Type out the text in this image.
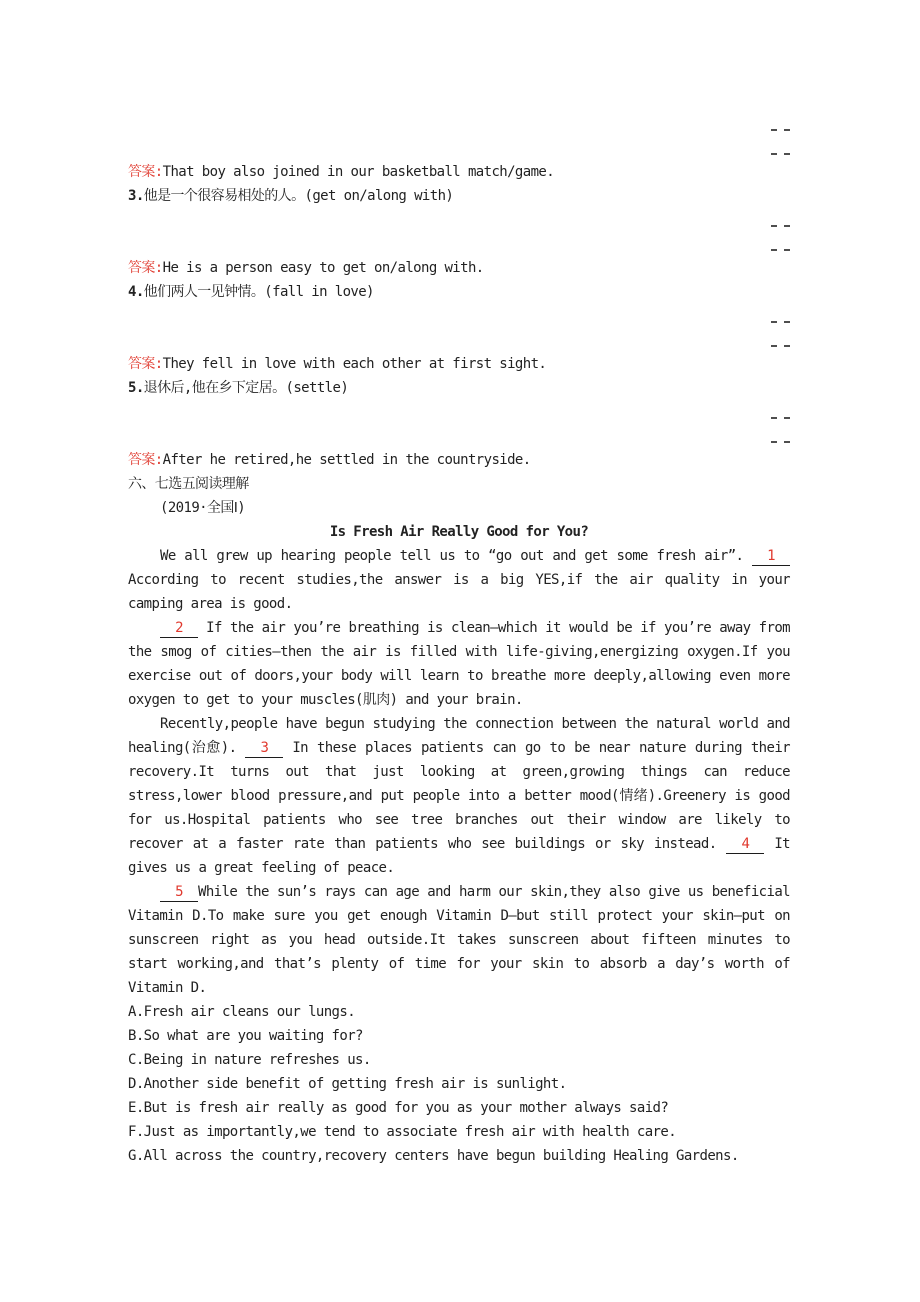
答案:That boy also joined in our basketball match/game.
3.他是一个很容易相处的人。(get on/along with)
答案:He is a person easy to get on/along with.
4.他们两人一见钟情。(fall in love)
答案:They fell in love with each other at first sight.
5.退休后,他在乡下定居。(settle)
答案:After he retired,he settled in the countryside.
六、七选五阅读理解
(2019·全国Ⅰ)
Is Fresh Air Really Good for You?

We all grew up hearing people tell us to “go out and get some fresh air”. 1 According to recent studies,the answer is a big YES,if the air quality in your camping area is good.

2 If the air you’re breathing is clean—which it would be if you’re away from the smog of cities—then the air is filled with life-giving,energizing oxygen.If you exercise out of doors,your body will learn to breathe more deeply,allowing even more oxygen to get to your muscles(肌肉) and your brain.

Recently,people have begun studying the connection between the natural world and healing(治愈). 3 In these places patients can go to be near nature during their recovery.It turns out that just looking at green,growing things can reduce stress,lower blood pressure,and put people into a better mood(情绪).Greenery is good for us.Hospital patients who see tree branches out their window are likely to recover at a faster rate than patients who see buildings or sky instead. 4 It gives us a great feeling of peace.

5 While the sun’s rays can age and harm our skin,they also give us beneficial Vitamin D.To make sure you get enough Vitamin D—but still protect your skin—put on sunscreen right as you head outside.It takes sunscreen about fifteen minutes to start working,and that’s plenty of time for your skin to absorb a day’s worth of Vitamin D.

A.Fresh air cleans our lungs.
B.So what are you waiting for?
C.Being in nature refreshes us.
D.Another side benefit of getting fresh air is sunlight.
E.But is fresh air really as good for you as your mother always said?
F.Just as importantly,we tend to associate fresh air with health care.
G.All across the country,recovery centers have begun building Healing Gardens.
